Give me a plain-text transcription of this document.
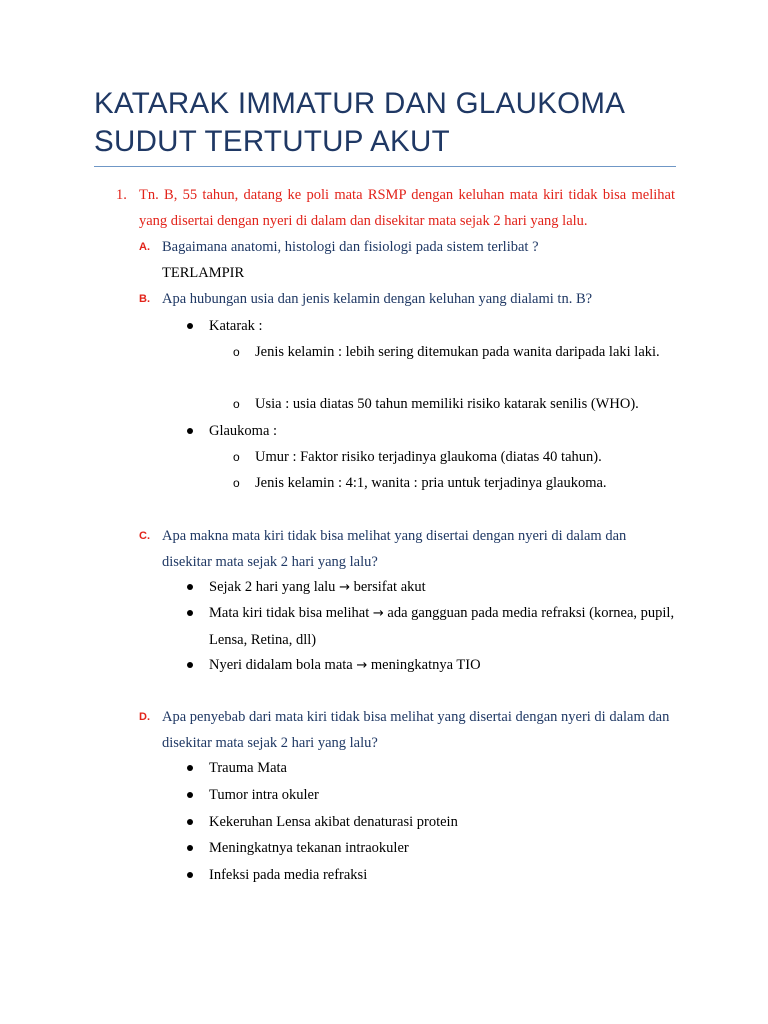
KATARAK IMMATUR DAN GLAUKOMA SUDUT TERTUTUP AKUT
1. Tn. B, 55 tahun, datang ke poli mata RSMP dengan keluhan mata kiri tidak bisa melihat yang disertai dengan nyeri di dalam dan disekitar mata sejak 2 hari yang lalu.
A. Bagaimana anatomi, histologi dan fisiologi pada sistem terlibat ?
TERLAMPIR
B. Apa hubungan usia dan jenis kelamin dengan keluhan yang dialami tn. B?
Katarak :
o Jenis kelamin : lebih sering ditemukan pada wanita daripada laki laki.
o Usia : usia diatas 50 tahun memiliki risiko katarak senilis (WHO).
Glaukoma :
o Umur : Faktor risiko terjadinya glaukoma (diatas 40 tahun).
o Jenis kelamin : 4:1, wanita : pria untuk terjadinya glaukoma.
C. Apa makna mata kiri tidak bisa melihat yang disertai dengan nyeri di dalam dan disekitar mata sejak 2 hari yang lalu?
Sejak 2 hari yang lalu → bersifat akut
Mata kiri tidak bisa melihat → ada gangguan pada media refraksi (kornea, pupil, Lensa, Retina, dll)
Nyeri didalam bola mata → meningkatnya TIO
D. Apa penyebab dari mata kiri tidak bisa melihat yang disertai dengan nyeri di dalam dan disekitar mata sejak 2 hari yang lalu?
Trauma Mata
Tumor intra okuler
Kekeruhan Lensa akibat denaturasi protein
Meningkatnya tekanan intraokuler
Infeksi pada media refraksi
